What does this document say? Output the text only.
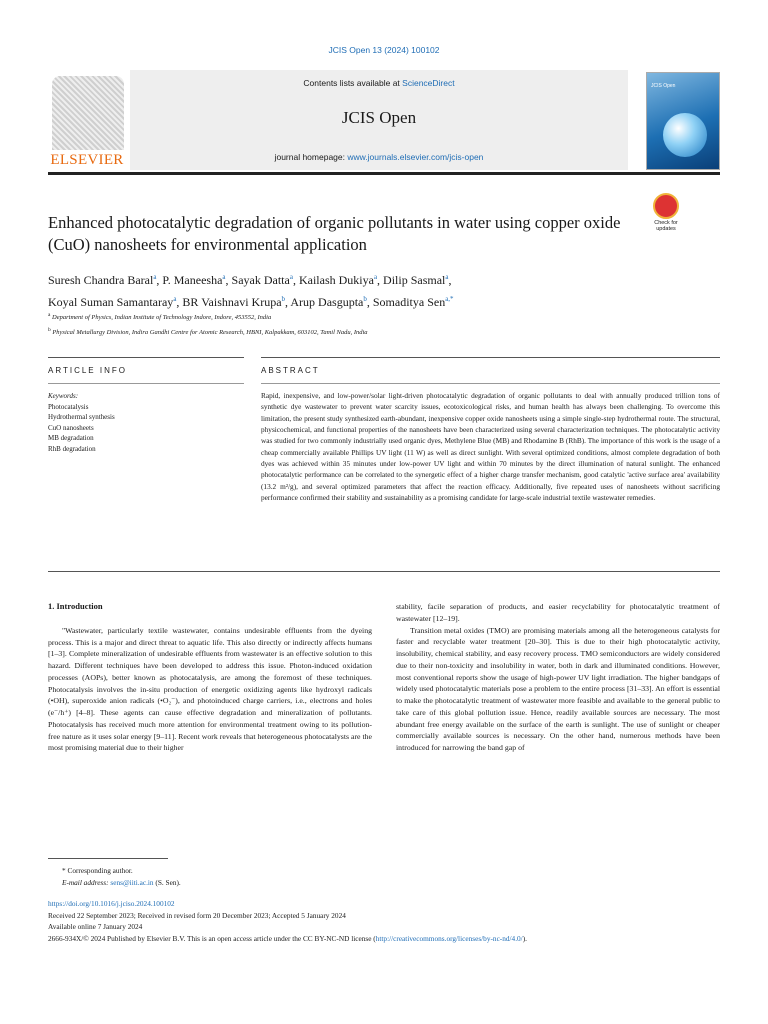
JCIS Open 13 (2024) 100102
ELSEVIER
Contents lists available at ScienceDirect
JCIS Open
journal homepage: www.journals.elsevier.com/jcis-open
JCIS Open
Enhanced photocatalytic degradation of organic pollutants in water using copper oxide (CuO) nanosheets for environmental application
Check for
updates
Suresh Chandra Baral$^a$, P. Maneesha$^a$, Sayak Datta$^a$, Kailash Dukiya$^a$, Dilip Sasmal$^a$,
Koyal Suman Samantaray$^a$, BR Vaishnavi Krupa$^b$, Arup Dasgupta$^b$, Somaditya Sen$^{a,*}$
$^a$ Department of Physics, Indian Institute of Technology Indore, Indore, 453552, India
$^b$ Physical Metallurgy Division, Indira Gandhi Centre for Atomic Research, HBNI, Kalpakkam, 603102, Tamil Nadu, India
ARTICLE INFO	ABSTRACT
Keywords:
Photocatalysis
Hydrothermal synthesis
CuO nanosheets
MB degradation
RhB degradation
Rapid, inexpensive, and low-power/solar light-driven photocatalytic degradation of organic pollutants to deal with annually produced trillion tons of synthetic dye wastewater to prevent water scarcity issues, ecotoxicological risks, and human health has always been challenging. To overcome this limitation, the present study synthesized earth-abundant, inexpensive copper oxide nanosheets using a simple single-step hydrothermal route. The structural, physicochemical, and functional properties of the nanosheets have been characterized using several characterization techniques. The photocatalytic activity was studied for two commonly industrially used organic dyes, Methylene Blue (MB) and Rhodamine B (RhB). The importance of this work is the usage of a cheap commercially available Phillips UV light (11 W) as well as direct sunlight. With several optimized conditions, almost complete degradation of both dyes was achieved within 35 minutes under low-power UV light and within 70 minutes by the direct illumination of natural sunlight. The enhanced photocatalytic performance can be correlated to the synergetic effect of a higher charge transfer mechanism, good catalytic 'active surface area' availability (13.2 m²/g), and several optimized parameters that affect the reaction efficacy. Additionally, five repeated uses of nanosheets without sacrificing performance confirmed their stability and sustainability as a promising candidate for large-scale industrial textile wastewater remedies.
1. Introduction

"Wastewater, particularly textile wastewater, contains undesirable effluents from the dyeing process. This is a major and direct threat to aquatic life. This also directly or indirectly affects humans [1–3]. Complete mineralization of undesirable effluents from wastewater is an effective solution to this hazard. Different techniques have been developed to address this issue. Photon-induced oxidation processes (AOPs), better known as photocatalysis, are among the foremost of these techniques. Photocatalysis involves the in-situ production of energetic oxidizing agents like hydroxyl radicals (•OH), superoxide anion radicals (•O₂⁻), and photoinduced charge carriers, i.e., electrons and holes (e⁻/h⁺) [4–8]. These agents can cause effective degradation and mineralization of pollutants. Photocatalysis has received much more attention for environmental treatment owing to its pollution-free nature as it uses solar energy [9–11]. Recent work reveals that heterogeneous photocatalysts are the most promising material due to their higher

stability, facile separation of products, and easier recyclability for photocatalytic treatment of wastewater [12–19].

Transition metal oxides (TMO) are promising materials among all the heterogeneous catalysts for faster and recyclable water treatment [20–30]. This is due to their high photocatalytic activity, insolubility, chemical stability, and easy recovery process. TMO semiconductors are widely considered due to their non-toxicity and insolubility in water, both in dark and illuminated conditions. However, most conventional reports show the usage of high-power UV light irradiation. The higher bandgaps of widely used photocatalytic materials pose a problem to the entire process [31–33]. An effort is essential to make the photocatalytic treatment of wastewater more feasible and available to the general public to take care of this global pollution issue. Hence, readily available sources are necessary. The most abundant free energy available on the surface of the earth is sunlight. The use of sunlight or cheaper commercially available sources is necessary. On the other hand, numerous methods have been introduced for narrowing the band gap of

* Corresponding author.
E-mail address: sens@iiti.ac.in (S. Sen).
https://doi.org/10.1016/j.jciso.2024.100102
Received 22 September 2023; Received in revised form 20 December 2023; Accepted 5 January 2024
Available online 7 January 2024
2666-934X/© 2024 Published by Elsevier B.V. This is an open access article under the CC BY-NC-ND license (http://creativecommons.org/licenses/by-nc-nd/4.0/).
